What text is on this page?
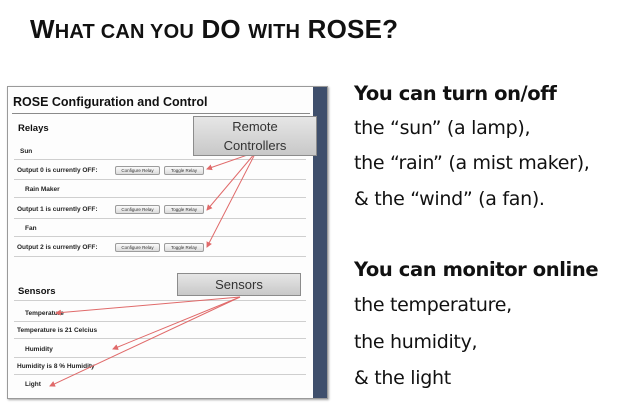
WHAT CAN YOU DO WITH ROSE?
ROSE Configuration and Control
Relays
Sun
Output 0 is currently OFF:	Configure Relay	Toggle Relay
Rain Maker
Output 1 is currently OFF:	Configure Relay	Toggle Relay
Fan
Output 2 is currently OFF:	Configure Relay	Toggle Relay
Sensors
Temperature
Temperature is 21 Celcius
Humidity
Humidity is 8 % Humidity
Light
Remote
Controllers
Sensors
You can turn on/off
the “sun” (a lamp),
the “rain” (a mist maker),
& the “wind” (a fan).
You can monitor online
the temperature,
the humidity,
& the light
